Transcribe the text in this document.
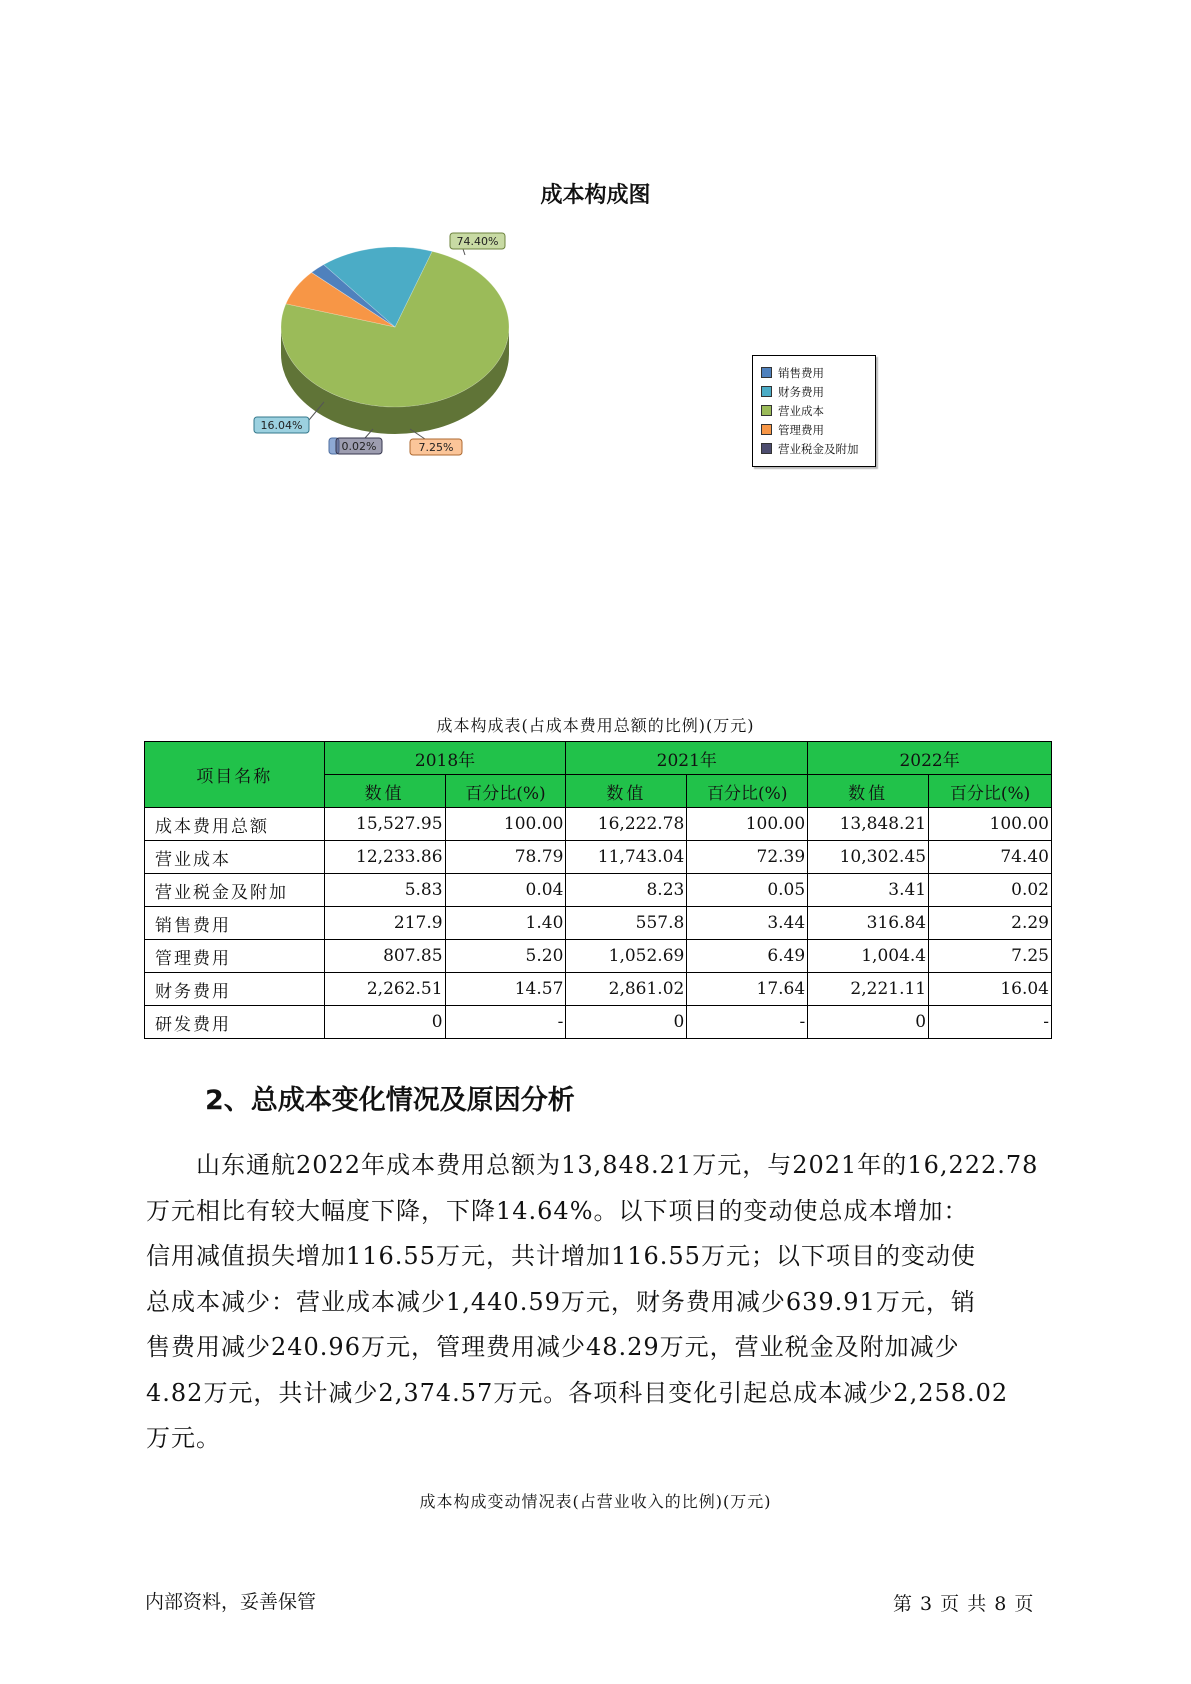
成本构成图
16.04%
74.40%
7.25%
0.02%
销售费用
财务费用
营业成本
管理费用
营业税金及附加
成本构成表(占成本费用总额的比例)(万元)
项目名称	2018年		2021年		2022年	
	数值	百分比(%)	数值	百分比(%)	数值	百分比(%)
成本费用总额	15,527.95	100.00	16,222.78	100.00	13,848.21	100.00
营业成本	12,233.86	78.79	11,743.04	72.39	10,302.45	74.40
营业税金及附加	5.83	0.04	8.23	0.05	3.41	0.02
销售费用	217.9	1.40	557.8	3.44	316.84	2.29
管理费用	807.85	5.20	1,052.69	6.49	1,004.4	7.25
财务费用	2,262.51	14.57	2,861.02	17.64	2,221.11	16.04
研发费用	0	-	0	-	0	-
2、总成本变化情况及原因分析

　　山东通航2022年成本费用总额为13,848.21万元，与2021年的16,222.78
万元相比有较大幅度下降，下降14.64%。以下项目的变动使总成本增加：
信用减值损失增加116.55万元，共计增加116.55万元；以下项目的变动使
总成本减少：营业成本减少1,440.59万元，财务费用减少639.91万元，销
售费用减少240.96万元，管理费用减少48.29万元，营业税金及附加减少
4.82万元，共计减少2,374.57万元。各项科目变化引起总成本减少2,258.02
万元。

成本构成变动情况表(占营业收入的比例)(万元)
内部资料，妥善保管	第 3 页 共 8 页
